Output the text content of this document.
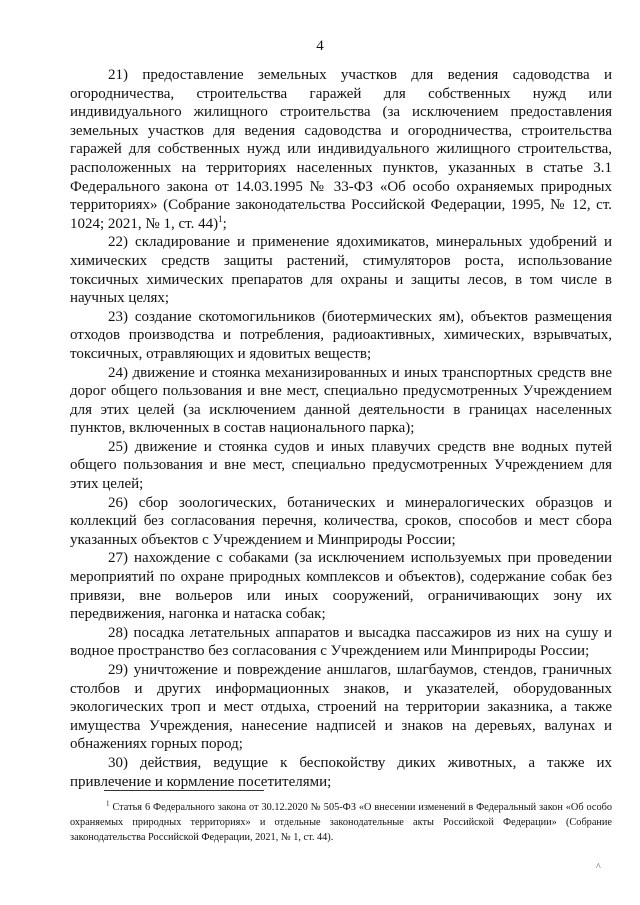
4

21) предоставление земельных участков для ведения садоводства и огородничества, строительства гаражей для собственных нужд или индивидуального жилищного строительства (за исключением предоставления земельных участков для ведения садоводства и огородничества, строительства гаражей для собственных нужд или индивидуального жилищного строительства, расположенных на территориях населенных пунктов, указанных в статье 3.1 Федерального закона от 14.03.1995 № 33-ФЗ «Об особо охраняемых природных территориях» (Собрание законодательства Российской Федерации, 1995, № 12, ст. 1024; 2021, № 1, ст. 44)$^1$;

22) складирование и применение ядохимикатов, минеральных удобрений и химических средств защиты растений, стимуляторов роста, использование токсичных химических препаратов для охраны и защиты лесов, в том числе в научных целях;

23) создание скотомогильников (биотермических ям), объектов размещения отходов производства и потребления, радиоактивных, химических, взрывчатых, токсичных, отравляющих и ядовитых веществ;

24) движение и стоянка механизированных и иных транспортных средств вне дорог общего пользования и вне мест, специально предусмотренных Учреждением для этих целей (за исключением данной деятельности в границах населенных пунктов, включенных в состав национального парка);

25) движение и стоянка судов и иных плавучих средств вне водных путей общего пользования и вне мест, специально предусмотренных Учреждением для этих целей;

26) сбор зоологических, ботанических и минералогических образцов и коллекций без согласования перечня, количества, сроков, способов и мест сбора указанных объектов с Учреждением и Минприроды России;

27) нахождение с собаками (за исключением используемых при проведении мероприятий по охране природных комплексов и объектов), содержание собак без привязи, вне вольеров или иных сооружений, ограничивающих зону их передвижения, нагонка и натаска собак;

28) посадка летательных аппаратов и высадка пассажиров из них на сушу и водное пространство без согласования с Учреждением или Минприроды России;

29) уничтожение и повреждение аншлагов, шлагбаумов, стендов, граничных столбов и других информационных знаков, и указателей, оборудованных экологических троп и мест отдыха, строений на территории заказника, а также имущества Учреждения, нанесение надписей и знаков на деревьях, валунах и обнажениях горных пород;

30) действия, ведущие к беспокойству диких животных, а также их привлечение и кормление посетителями;

$^1$ Статья 6 Федерального закона от 30.12.2020 № 505-ФЗ «О внесении изменений в Федеральный закон «Об особо охраняемых природных территориях» и отдельные законодательные акты Российской Федерации» (Собрание законодательства Российской Федерации, 2021, № 1, ст. 44).

^
